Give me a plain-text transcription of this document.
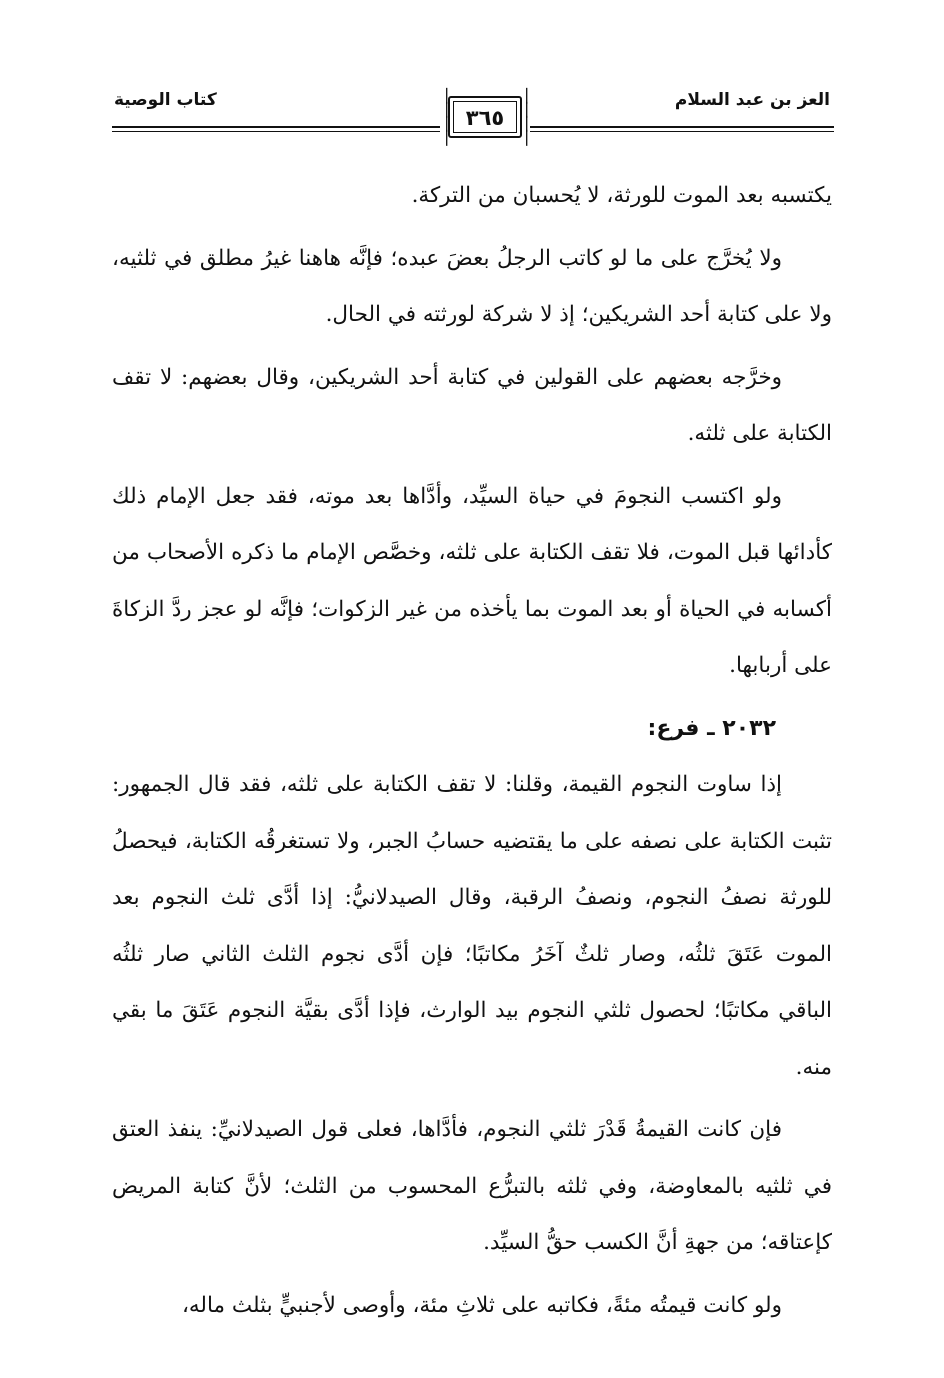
العز بن عبد السلام
❘
❘
❘
❘
❘
❘
❘
❘
٣٦٥
كتاب الوصية

يكتسبه بعد الموت للورثة، لا يُحسبان من التركة.

ولا يُخرَّج على ما لو كاتب الرجلُ بعضَ عبده؛ فإنَّه هاهنا غيرُ مطلق في ثلثيه، ولا على كتابة أحد الشريكين؛ إذ لا شركة لورثته في الحال.

وخرَّجه بعضهم على القولين في كتابة أحد الشريكين، وقال بعضهم: لا تقف الكتابة على ثلثه.

ولو اكتسب النجومَ في حياة السيِّد، وأدَّاها بعد موته، فقد جعل الإمام ذلك كأدائها قبل الموت، فلا تقف الكتابة على ثلثه، وخصَّص الإمام ما ذكره الأصحاب من أكسابه في الحياة أو بعد الموت بما يأخذه من غير الزكوات؛ فإنَّه لو عجز ردَّ الزكاةَ على أربابها.

٢٠٣٢ ـ فرع:

إذا ساوت النجوم القيمة، وقلنا: لا تقف الكتابة على ثلثه، فقد قال الجمهور: تثبت الكتابة على نصفه على ما يقتضيه حسابُ الجبر، ولا تستغرقُه الكتابة، فيحصلُ للورثة نصفُ النجوم، ونصفُ الرقبة، وقال الصيدلانيُّ: إذا أدَّى ثلث النجوم بعد الموت عَتَقَ ثلثُه، وصار ثلثٌ آخَرُ مكاتبًا؛ فإن أدَّى نجوم الثلث الثاني صار ثلثُه الباقي مكاتبًا؛ لحصول ثلثي النجوم بيد الوارث، فإذا أدَّى بقيَّة النجوم عَتَقَ ما بقي منه.

فإن كانت القيمةُ قَدْرَ ثلثي النجوم، فأدَّاها، فعلى قول الصيدلانيِّ: ينفذ العتق في ثلثيه بالمعاوضة، وفي ثلثه بالتبرُّع المحسوب من الثلث؛ لأنَّ كتابة المريض كإعتاقه؛ من جهةِ أنَّ الكسب حقُّ السيِّد.

ولو كانت قيمتُه مئةً، فكاتبه على ثلاثِ مئة، وأوصى لأجنبيٍّ بثلث ماله،
